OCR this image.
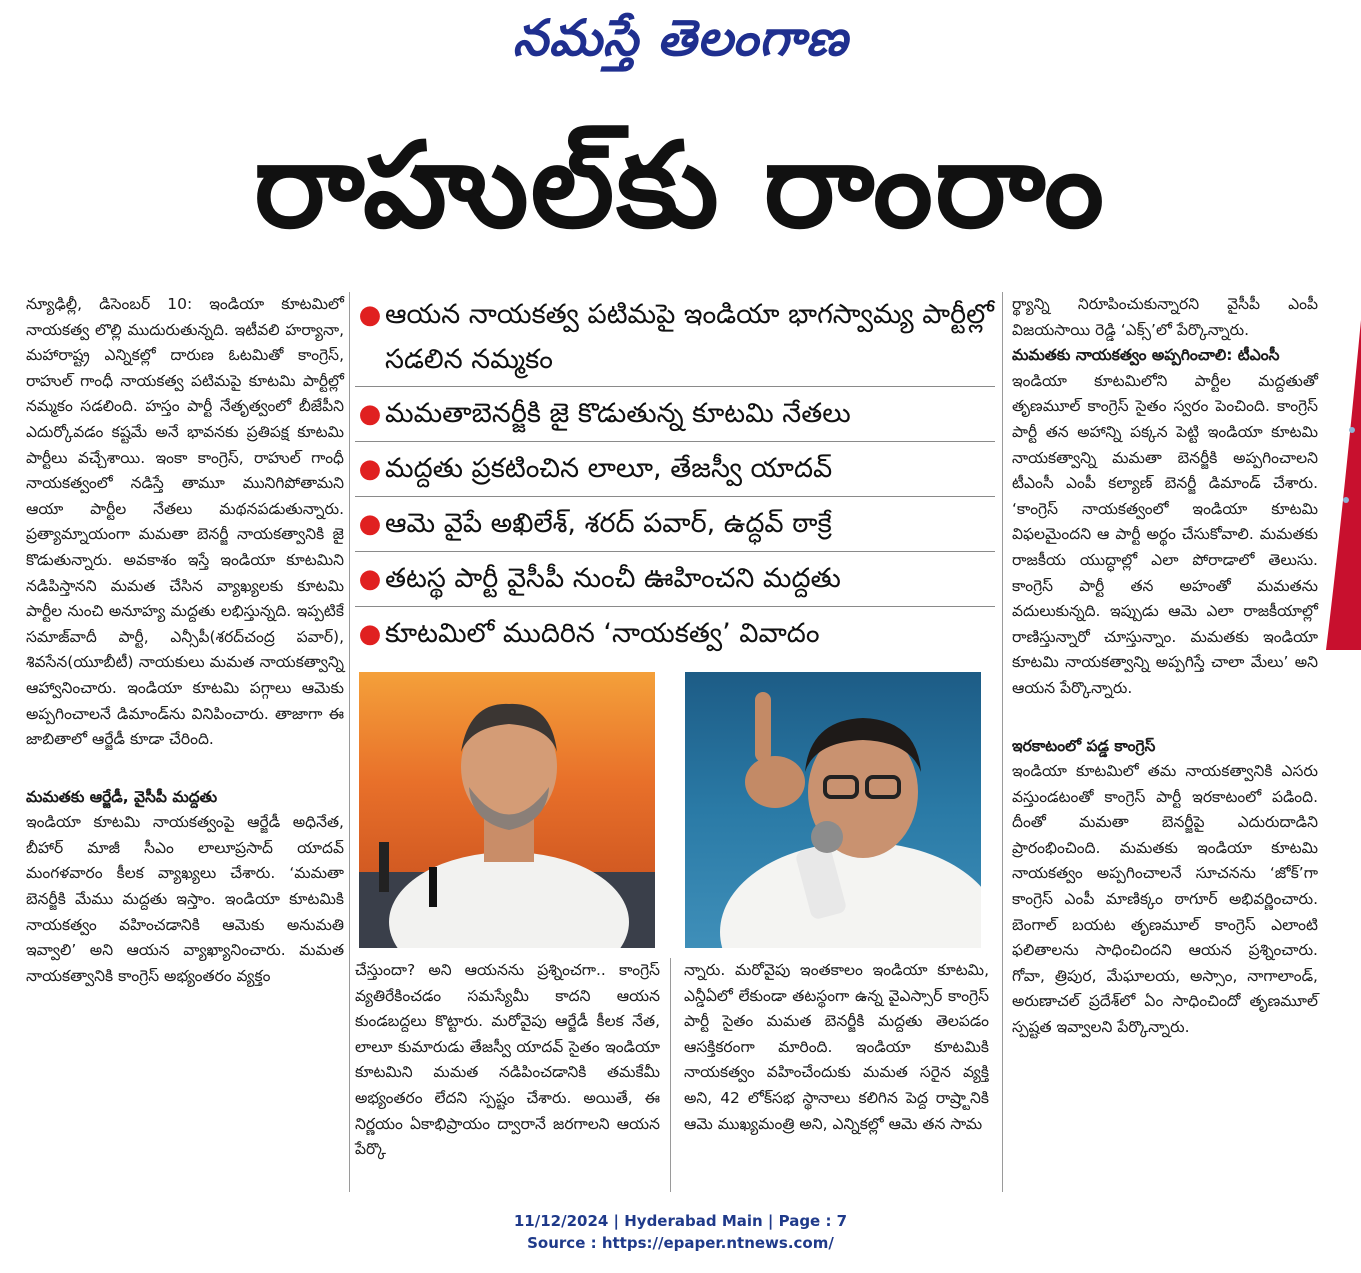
నమస్తే తెలంగాణ
రాహుల్‌కు రాంరాం

న్యూఢిల్లీ, డిసెంబర్ 10: ఇండియా కూటమిలో నాయకత్వ లొల్లి ముదురుతున్నది. ఇటీవలి హర్యానా, మహారాష్ట్ర ఎన్నికల్లో దారుణ ఓటమితో కాంగ్రెస్, రాహుల్ గాంధీ నాయకత్వ పటిమపై కూటమి పార్టీల్లో నమ్మకం సడలింది. హస్తం పార్టీ నేతృత్వంలో బీజేపీని ఎదుర్కోవడం కష్టమే అనే భావనకు ప్రతిపక్ష కూటమి పార్టీలు వచ్చేశాయి. ఇంకా కాంగ్రెస్, రాహుల్ గాంధీ నాయకత్వంలో నడిస్తే తామూ మునిగిపోతామని ఆయా పార్టీల నేతలు మథనపడుతున్నారు. ప్రత్యామ్నాయంగా మమతా బెనర్జీ నాయకత్వానికి జై కొడుతున్నారు. అవకాశం ఇస్తే ఇండియా కూటమిని నడిపిస్తానని మమత చేసిన వ్యాఖ్యలకు కూటమి పార్టీల నుంచి అనూహ్య మద్దతు లభిస్తున్నది. ఇప్పటికే సమాజ్‌వాదీ పార్టీ, ఎన్సీపీ(శరద్‌చంద్ర పవార్), శివసేన(యూబీటీ) నాయకులు మమత నాయకత్వాన్ని ఆహ్వానించారు. ఇండియా కూటమి పగ్గాలు ఆమెకు అప్పగించాలనే డిమాండ్‌ను వినిపించారు. తాజాగా ఈ జాబితాలో ఆర్జేడీ కూడా చేరింది.

మమతకు ఆర్జేడీ, వైసీపీ మద్దతు

ఇండియా కూటమి నాయకత్వంపై ఆర్జేడీ అధినేత, బీహార్ మాజీ సీఎం లాలూప్రసాద్ యాదవ్ మంగళవారం కీలక వ్యాఖ్యలు చేశారు. ‘మమతా బెనర్జీకి మేము మద్దతు ఇస్తాం. ఇండియా కూటమికి నాయకత్వం వహించడానికి ఆమెకు అనుమతి ఇవ్వాలి’ అని ఆయన వ్యాఖ్యానించారు. మమత నాయకత్వానికి కాంగ్రెస్ అభ్యంతరం వ్యక్తం

● ఆయన నాయకత్వ పటిమపై ఇండియా భాగస్వామ్య పార్టీల్లో సడలిన నమ్మకం
● మమతాబెనర్జీకి జై కొడుతున్న కూటమి నేతలు
● మద్దతు ప్రకటించిన లాలూ, తేజస్వీ యాదవ్
● ఆమె వైపే అఖిలేశ్, శరద్ పవార్, ఉద్ధవ్ ఠాక్రే
● తటస్థ పార్టీ వైసీపీ నుంచీ ఊహించని మద్దతు
● కూటమిలో ముదిరిన ‘నాయకత్వ’ వివాదం
చేస్తుందా? అని ఆయనను ప్రశ్నించగా.. కాంగ్రెస్ వ్యతిరేకించడం సమస్యేమీ కాదని ఆయన కుండబద్దలు కొట్టారు. మరోవైపు ఆర్జేడీ కీలక నేత, లాలూ కుమారుడు తేజస్వీ యాదవ్ సైతం ఇండియా కూటమిని మమత నడిపించడానికి తమకేమీ అభ్యంతరం లేదని స్పష్టం చేశారు. అయితే, ఈ నిర్ణయం ఏకాభిప్రాయం ద్వారానే జరగాలని ఆయన పేర్కొ
న్నారు. మరోవైపు ఇంతకాలం ఇండియా కూటమి, ఎన్డీఏలో లేకుండా తటస్థంగా ఉన్న వైఎస్సార్ కాంగ్రెస్ పార్టీ సైతం మమత బెనర్జీకి మద్దతు తెలపడం ఆసక్తికరంగా మారింది. ఇండియా కూటమికి నాయకత్వం వహించేందుకు మమత సరైన వ్యక్తి అని, 42 లోక్‌సభ స్థానాలు కలిగిన పెద్ద రాష్ర్టానికి ఆమె ముఖ్యమంత్రి అని, ఎన్నికల్లో ఆమె తన సామ

ర్థ్యాన్ని నిరూపించుకున్నారని వైసీపీ ఎంపీ విజయసాయి రెడ్డి ‘ఎక్స్’లో పేర్కొన్నారు.

మమతకు నాయకత్వం అప్పగించాలి: టీఎంసీ

ఇండియా కూటమిలోని పార్టీల మద్దతుతో తృణమూల్ కాంగ్రెస్ సైతం స్వరం పెంచింది. కాంగ్రెస్ పార్టీ తన అహాన్ని పక్కన పెట్టి ఇండియా కూటమి నాయకత్వాన్ని మమతా బెనర్జీకి అప్పగించాలని టీఎంసీ ఎంపీ కల్యాణ్ బెనర్జీ డిమాండ్ చేశారు. ‘కాంగ్రెస్ నాయకత్వంలో ఇండియా కూటమి విఫలమైందని ఆ పార్టీ అర్థం చేసుకోవాలి. మమతకు రాజకీయ యుద్ధాల్లో ఎలా పోరాడాలో తెలుసు. కాంగ్రెస్ పార్టీ తన అహంతో మమతను వదులుకున్నది. ఇప్పుడు ఆమె ఎలా రాజకీయాల్లో రాణిస్తున్నారో చూస్తున్నాం. మమతకు ఇండియా కూటమి నాయకత్వాన్ని అప్పగిస్తే చాలా మేలు’ అని ఆయన పేర్కొన్నారు.

ఇరకాటంలో పడ్డ కాంగ్రెస్

ఇండియా కూటమిలో తమ నాయకత్వానికి ఎసరు వస్తుండటంతో కాంగ్రెస్ పార్టీ ఇరకాటంలో పడింది. దీంతో మమతా బెనర్జీపై ఎదురుదాడిని ప్రారంభించింది. మమతకు ఇండియా కూటమి నాయకత్వం అప్పగించాలనే సూచనను ‘జోక్’గా కాంగ్రెస్ ఎంపీ మాణిక్కం ఠాగూర్ అభివర్ణించారు. బెంగాల్ బయట తృణమూల్ కాంగ్రెస్ ఎలాంటి ఫలితాలను సాధించిందని ఆయన ప్రశ్నించారు. గోవా, త్రిపుర, మేఘాలయ, అస్సాం, నాగాలాండ్, అరుణాచల్ ప్రదేశ్‌లో ఏం సాధించిందో తృణమూల్ స్పష్టత ఇవ్వాలని పేర్కొన్నారు.

11/12/2024 | Hyderabad Main | Page : 7
Source : https://epaper.ntnews.com/
